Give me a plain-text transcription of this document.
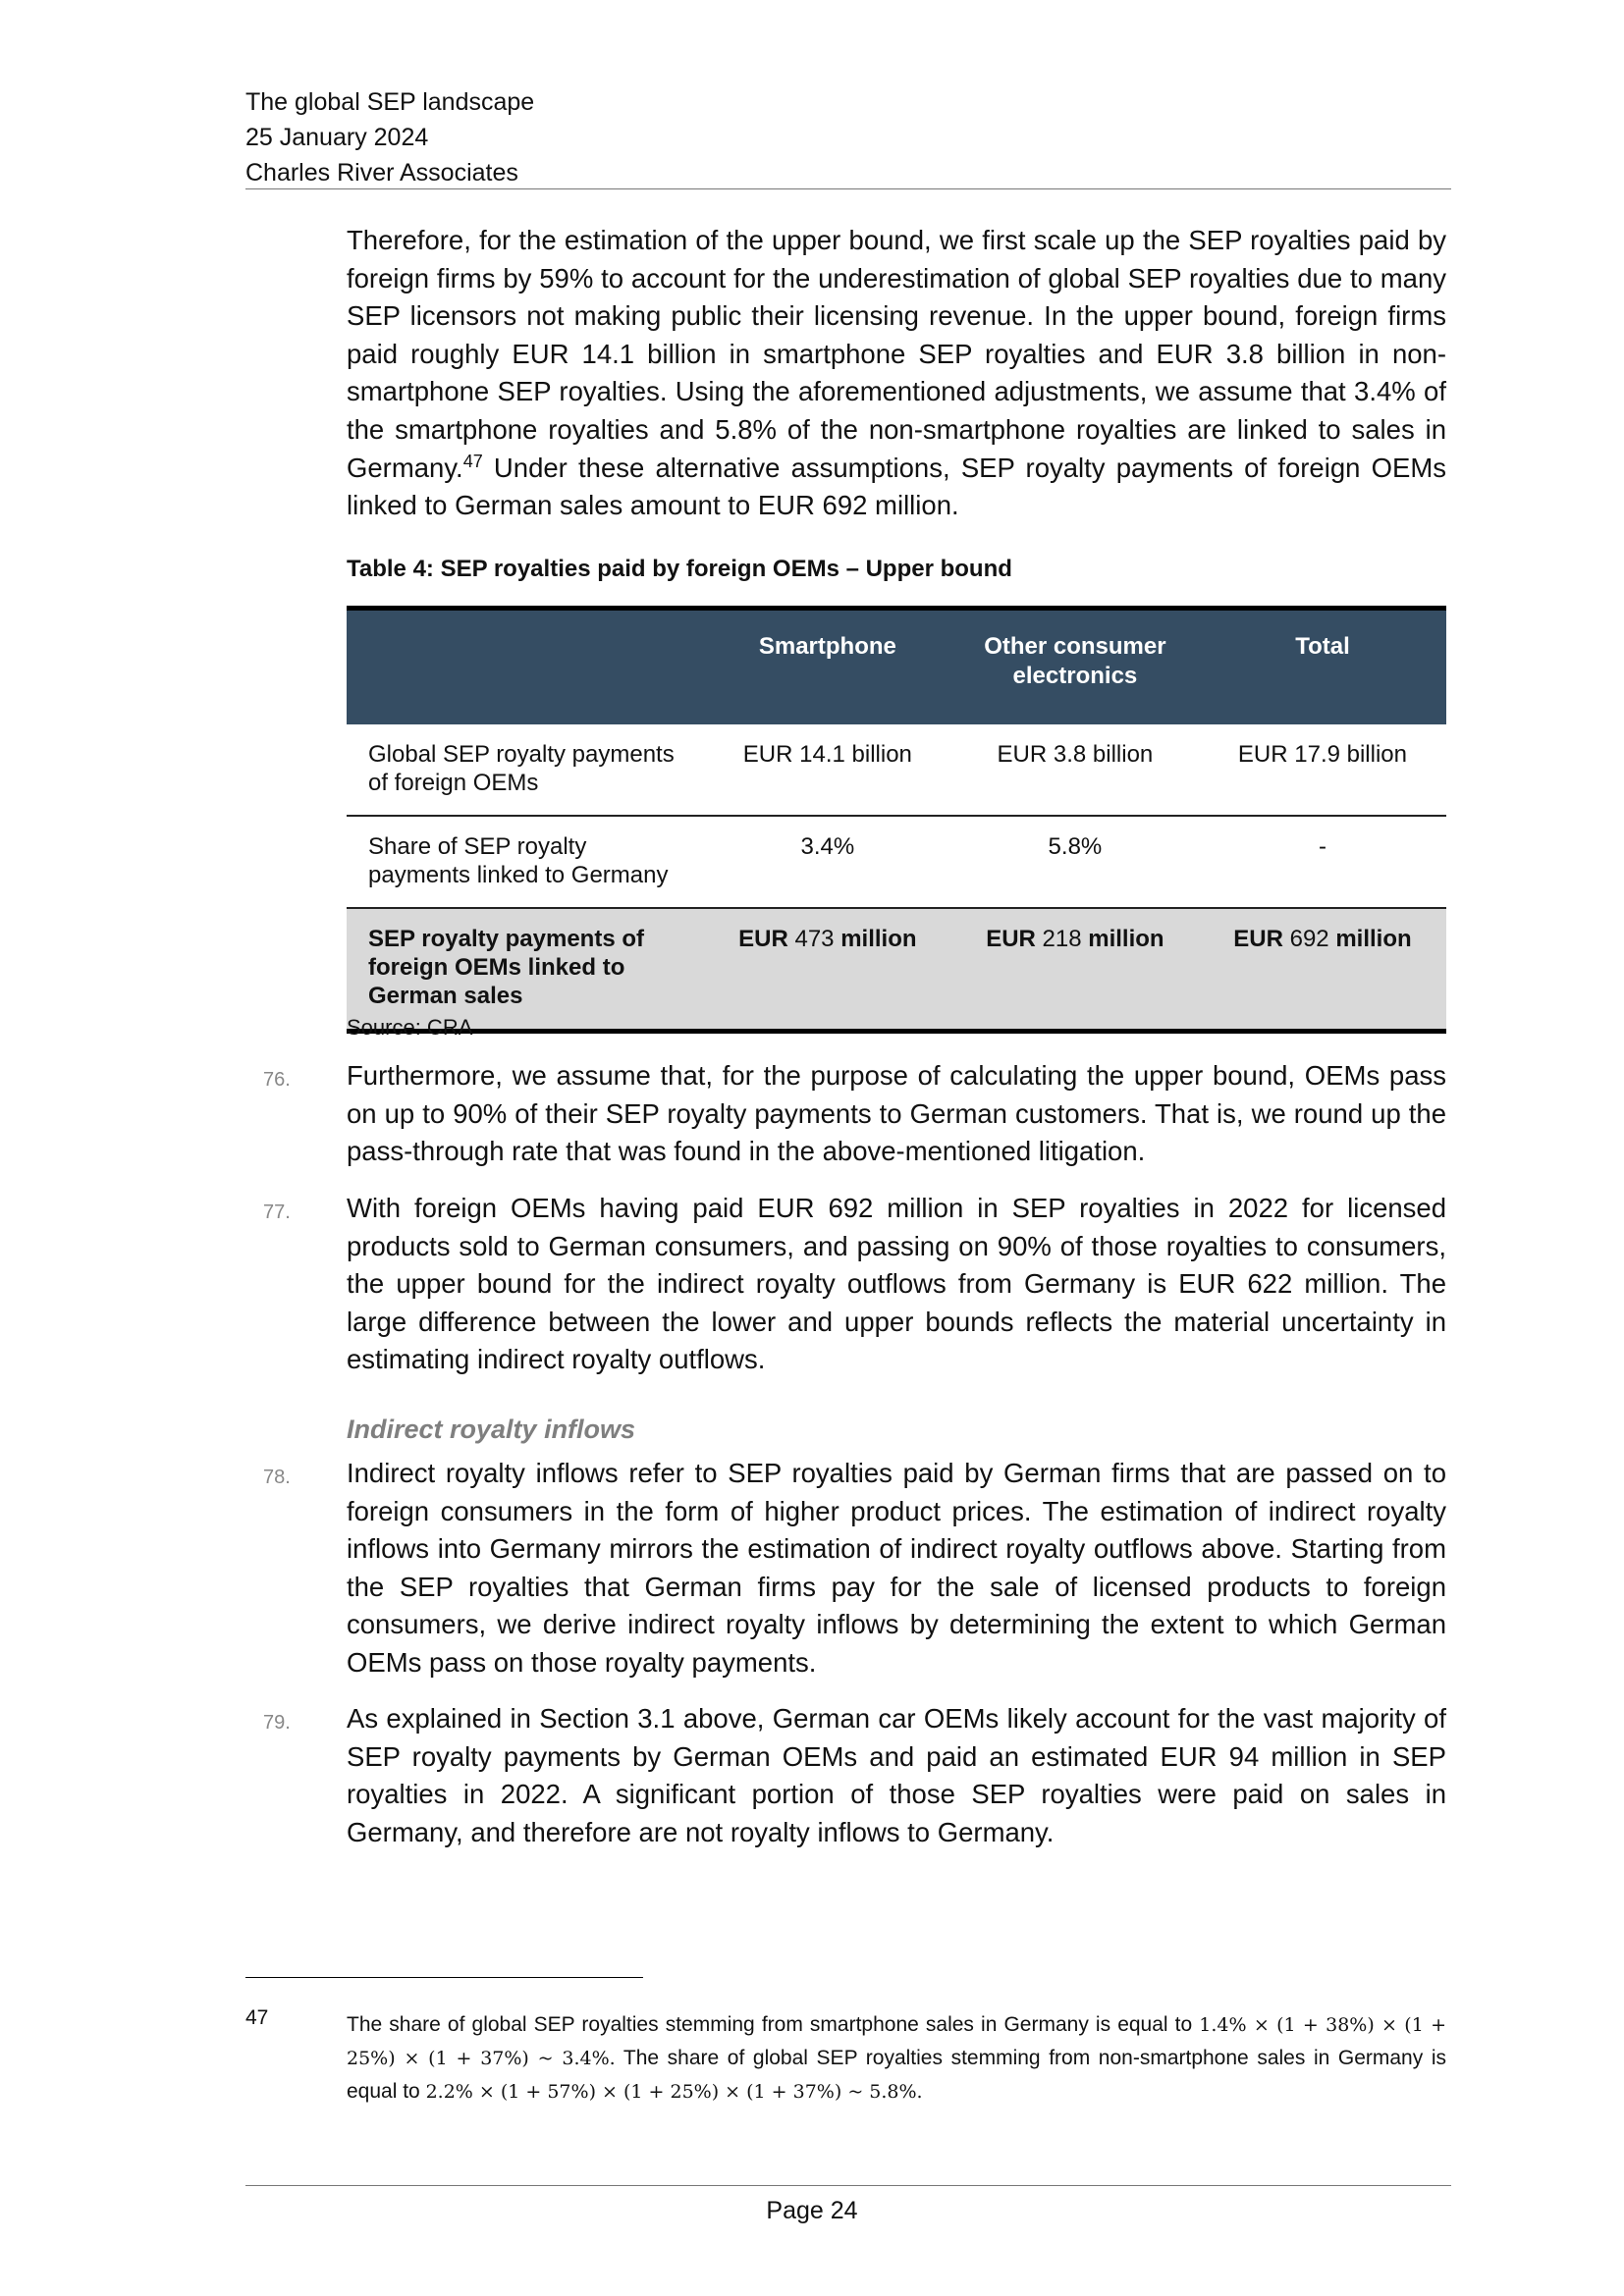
The global SEP landscape
25 January 2024
Charles River Associates
Therefore, for the estimation of the upper bound, we first scale up the SEP royalties paid by foreign firms by 59% to account for the underestimation of global SEP royalties due to many SEP licensors not making public their licensing revenue. In the upper bound, foreign firms paid roughly EUR 14.1 billion in smartphone SEP royalties and EUR 3.8 billion in non-smartphone SEP royalties. Using the aforementioned adjustments, we assume that 3.4% of the smartphone royalties and 5.8% of the non-smartphone royalties are linked to sales in Germany.$^{47}$ Under these alternative assumptions, SEP royalty payments of foreign OEMs linked to German sales amount to EUR 692 million.
Table 4: SEP royalties paid by foreign OEMs – Upper bound
	Smartphone	Other consumer electronics	Total
Global SEP royalty payments of foreign OEMs	EUR 14.1 billion	EUR 3.8 billion	EUR 17.9 billion
Share of SEP royalty payments linked to Germany	3.4%	5.8%	-
SEP royalty payments of foreign OEMs linked to German sales	EUR 473 million	EUR 218 million	EUR 692 million
Source: CRA
76. Furthermore, we assume that, for the purpose of calculating the upper bound, OEMs pass on up to 90% of their SEP royalty payments to German customers. That is, we round up the pass-through rate that was found in the above-mentioned litigation.
77. With foreign OEMs having paid EUR 692 million in SEP royalties in 2022 for licensed products sold to German consumers, and passing on 90% of those royalties to consumers, the upper bound for the indirect royalty outflows from Germany is EUR 622 million. The large difference between the lower and upper bounds reflects the material uncertainty in estimating indirect royalty outflows.
Indirect royalty inflows
78. Indirect royalty inflows refer to SEP royalties paid by German firms that are passed on to foreign consumers in the form of higher product prices. The estimation of indirect royalty inflows into Germany mirrors the estimation of indirect royalty outflows above. Starting from the SEP royalties that German firms pay for the sale of licensed products to foreign consumers, we derive indirect royalty inflows by determining the extent to which German OEMs pass on those royalty payments.
79. As explained in Section 3.1 above, German car OEMs likely account for the vast majority of SEP royalty payments by German OEMs and paid an estimated EUR 94 million in SEP royalties in 2022. A significant portion of those SEP royalties were paid on sales in Germany, and therefore are not royalty inflows to Germany.
47	The share of global SEP royalties stemming from smartphone sales in Germany is equal to 1.4% × (1 + 38%) × (1 + 25%) × (1 + 37%) ~ 3.4%. The share of global SEP royalties stemming from non-smartphone sales in Germany is equal to 2.2% × (1 + 57%) × (1 + 25%) × (1 + 37%) ~ 5.8%.
Page 24
